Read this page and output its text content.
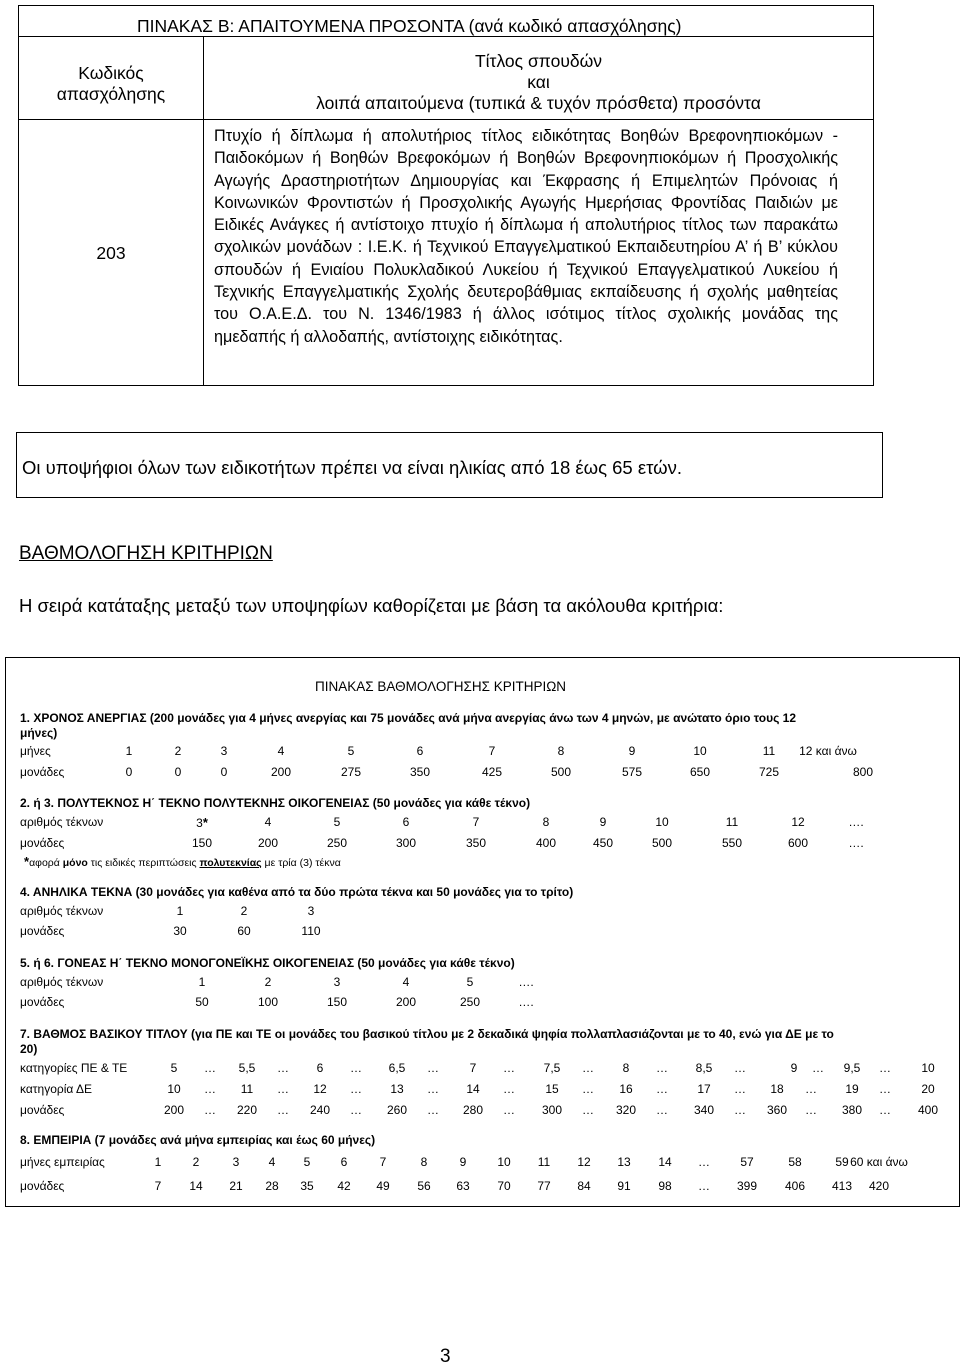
ΠΙΝΑΚΑΣ Β: ΑΠΑΙΤΟΥΜΕΝΑ ΠΡΟΣΟΝΤΑ (ανά κωδικό απασχόλησης)
Κωδικός
απασχόλησης
Τίτλος σπουδών
και
λοιπά απαιτούμενα (τυπικά & τυχόν πρόσθετα) προσόντα
203
Πτυχίο ή δίπλωμα ή απολυτήριος τίτλος ειδικότητας Βοηθών Βρεφονηπιοκόμων - Παιδοκόμων ή Βοηθών Βρεφοκόμων ή Βοηθών Βρεφονηπιοκόμων ή Προσχολικής Αγωγής Δραστηριοτήτων Δημιουργίας και Έκφρασης ή Επιμελητών Πρόνοιας ή Κοινωνικών Φροντιστών ή Προσχολικής Αγωγής Ημερήσιας Φροντίδας Παιδιών με Ειδικές Ανάγκες ή αντίστοιχο πτυχίο ή δίπλωμα ή απολυτήριος τίτλος των παρακάτω σχολικών μονάδων : Ι.Ε.Κ. ή Τεχνικού Επαγγελματικού Εκπαιδευτηρίου Α’ ή Β’ κύκλου σπουδών ή Ενιαίου Πολυκλαδικού Λυκείου ή Τεχνικού Επαγγελματικού Λυκείου ή Τεχνικής Επαγγελματικής Σχολής δευτεροβάθμιας εκπαίδευσης ή σχολής μαθητείας του Ο.Α.Ε.Δ. του Ν. 1346/1983 ή άλλος ισότιμος τίτλος σχολικής μονάδας της ημεδαπής ή αλλοδαπής, αντίστοιχης ειδικότητας.
Οι υποψήφιοι όλων των ειδικοτήτων πρέπει να είναι ηλικίας από 18 έως 65 ετών.
ΒΑΘΜΟΛΟΓΗΣΗ ΚΡΙΤΗΡΙΩΝ
Η σειρά κατάταξης μεταξύ των υποψηφίων καθορίζεται με βάση τα ακόλουθα κριτήρια:
ΠΙΝΑΚΑΣ ΒΑΘΜΟΛΟΓΗΣΗΣ ΚΡΙΤΗΡΙΩΝ
1. ΧΡΟΝΟΣ ΑΝΕΡΓΙΑΣ (200 μονάδες για 4 μήνες ανεργίας και 75 μονάδες ανά μήνα ανεργίας άνω των 4 μηνών, με ανώτατο όριο τους 12
μήνες)
μήνες	1	2	3	4	5	6	7	8	9	10	11 12 και άνω
μονάδες	0	0	0	200	275	350	425	500	575	650	725	800
2. ή 3. ΠΟΛΥΤΕΚΝΟΣ Η΄ ΤΕΚΝΟ ΠΟΛΥΤΕΚΝΗΣ ΟΙΚΟΓΕΝΕΙΑΣ (50 μονάδες για κάθε τέκνο)
αριθμός τέκνων	3*	4	5	6	7	8	9	10	11	12	….
μονάδες	150	200	250	300	350	400	450	500	550	600	….
*αφορά μόνο τις ειδικές περιπτώσεις πολυτεκνίας με τρία (3) τέκνα
4. ΑΝΗΛΙΚΑ ΤΕΚΝΑ (30 μονάδες για καθένα από τα δύο πρώτα τέκνα και 50 μονάδες για το τρίτο)
αριθμός τέκνων	1	2	3
μονάδες	30	60	110
5. ή 6. ΓΟΝΕΑΣ Η΄ ΤΕΚΝΟ ΜΟΝΟΓΟΝΕΪΚΗΣ ΟΙΚΟΓΕΝΕΙΑΣ (50 μονάδες για κάθε τέκνο)
αριθμός τέκνων	1	2	3	4	5	….
μονάδες	50	100	150	200	250	….
7. ΒΑΘΜΟΣ ΒΑΣΙΚΟΥ ΤΙΤΛΟΥ (για ΠΕ και ΤΕ οι μονάδες του βασικού τίτλου με 2 δεκαδικά ψηφία πολλαπλασιάζονται με το 40, ενώ για ΔΕ με το
20)
κατηγορίες ΠΕ & ΤΕ	5 … 5,5 … 6 … 6,5 …	7 … 7,5 … 8 … 8,5 …	9 … 9,5 …	10
κατηγορία ΔΕ	10 … 11 … 12 … 13 … 14 …	15 … 16 … 17 … 18 … 19 …	20
μονάδες	200 … 220 … 240 … 260 … 280 … 300 … 320 … 340 … 360 … 380 … 400
8. ΕΜΠΕΙΡΙΑ (7 μονάδες ανά μήνα εμπειρίας και έως 60 μήνες)
μήνες εμπειρίας	1	2	3 4 5	6	7	8	9	10 11 12 13 14 …	57	58	59 60 και άνω
μονάδες	7 14 21 28 35 42 49 56 63 70 77 84 91 98 … 399 406 413 420
3
